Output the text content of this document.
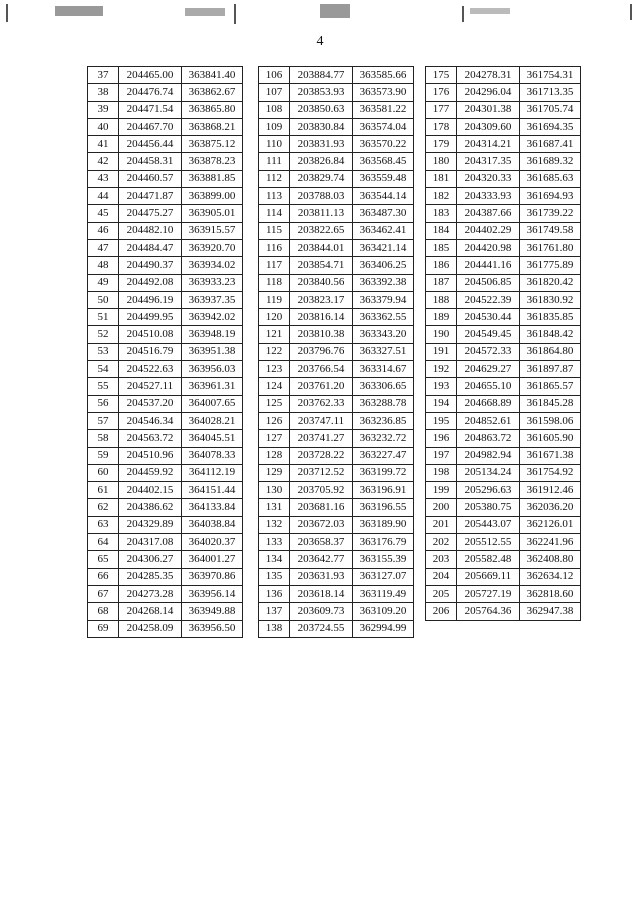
4
37	204465.00	363841.40
38	204476.74	363862.67
39	204471.54	363865.80
40	204467.70	363868.21
41	204456.44	363875.12
42	204458.31	363878.23
43	204460.57	363881.85
44	204471.87	363899.00
45	204475.27	363905.01
46	204482.10	363915.57
47	204484.47	363920.70
48	204490.37	363934.02
49	204492.08	363933.23
50	204496.19	363937.35
51	204499.95	363942.02
52	204510.08	363948.19
53	204516.79	363951.38
54	204522.63	363956.03
55	204527.11	363961.31
56	204537.20	364007.65
57	204546.34	364028.21
58	204563.72	364045.51
59	204510.96	364078.33
60	204459.92	364112.19
61	204402.15	364151.44
62	204386.62	364133.84
63	204329.89	364038.84
64	204317.08	364020.37
65	204306.27	364001.27
66	204285.35	363970.86
67	204273.28	363956.14
68	204268.14	363949.88
69	204258.09	363956.50
106	203884.77	363585.66
107	203853.93	363573.90
108	203850.63	363581.22
109	203830.84	363574.04
110	203831.93	363570.22
111	203826.84	363568.45
112	203829.74	363559.48
113	203788.03	363544.14
114	203811.13	363487.30
115	203822.65	363462.41
116	203844.01	363421.14
117	203854.71	363406.25
118	203840.56	363392.38
119	203823.17	363379.94
120	203816.14	363362.55
121	203810.38	363343.20
122	203796.76	363327.51
123	203766.54	363314.67
124	203761.20	363306.65
125	203762.33	363288.78
126	203747.11	363236.85
127	203741.27	363232.72
128	203728.22	363227.47
129	203712.52	363199.72
130	203705.92	363196.91
131	203681.16	363196.55
132	203672.03	363189.90
133	203658.37	363176.79
134	203642.77	363155.39
135	203631.93	363127.07
136	203618.14	363119.49
137	203609.73	363109.20
138	203724.55	362994.99
175	204278.31	361754.31
176	204296.04	361713.35
177	204301.38	361705.74
178	204309.60	361694.35
179	204314.21	361687.41
180	204317.35	361689.32
181	204320.33	361685.63
182	204333.93	361694.93
183	204387.66	361739.22
184	204402.29	361749.58
185	204420.98	361761.80
186	204441.16	361775.89
187	204506.85	361820.42
188	204522.39	361830.92
189	204530.44	361835.85
190	204549.45	361848.42
191	204572.33	361864.80
192	204629.27	361897.87
193	204655.10	361865.57
194	204668.89	361845.28
195	204852.61	361598.06
196	204863.72	361605.90
197	204982.94	361671.38
198	205134.24	361754.92
199	205296.63	361912.46
200	205380.75	362036.20
201	205443.07	362126.01
202	205512.55	362241.96
203	205582.48	362408.80
204	205669.11	362634.12
205	205727.19	362818.60
206	205764.36	362947.38
